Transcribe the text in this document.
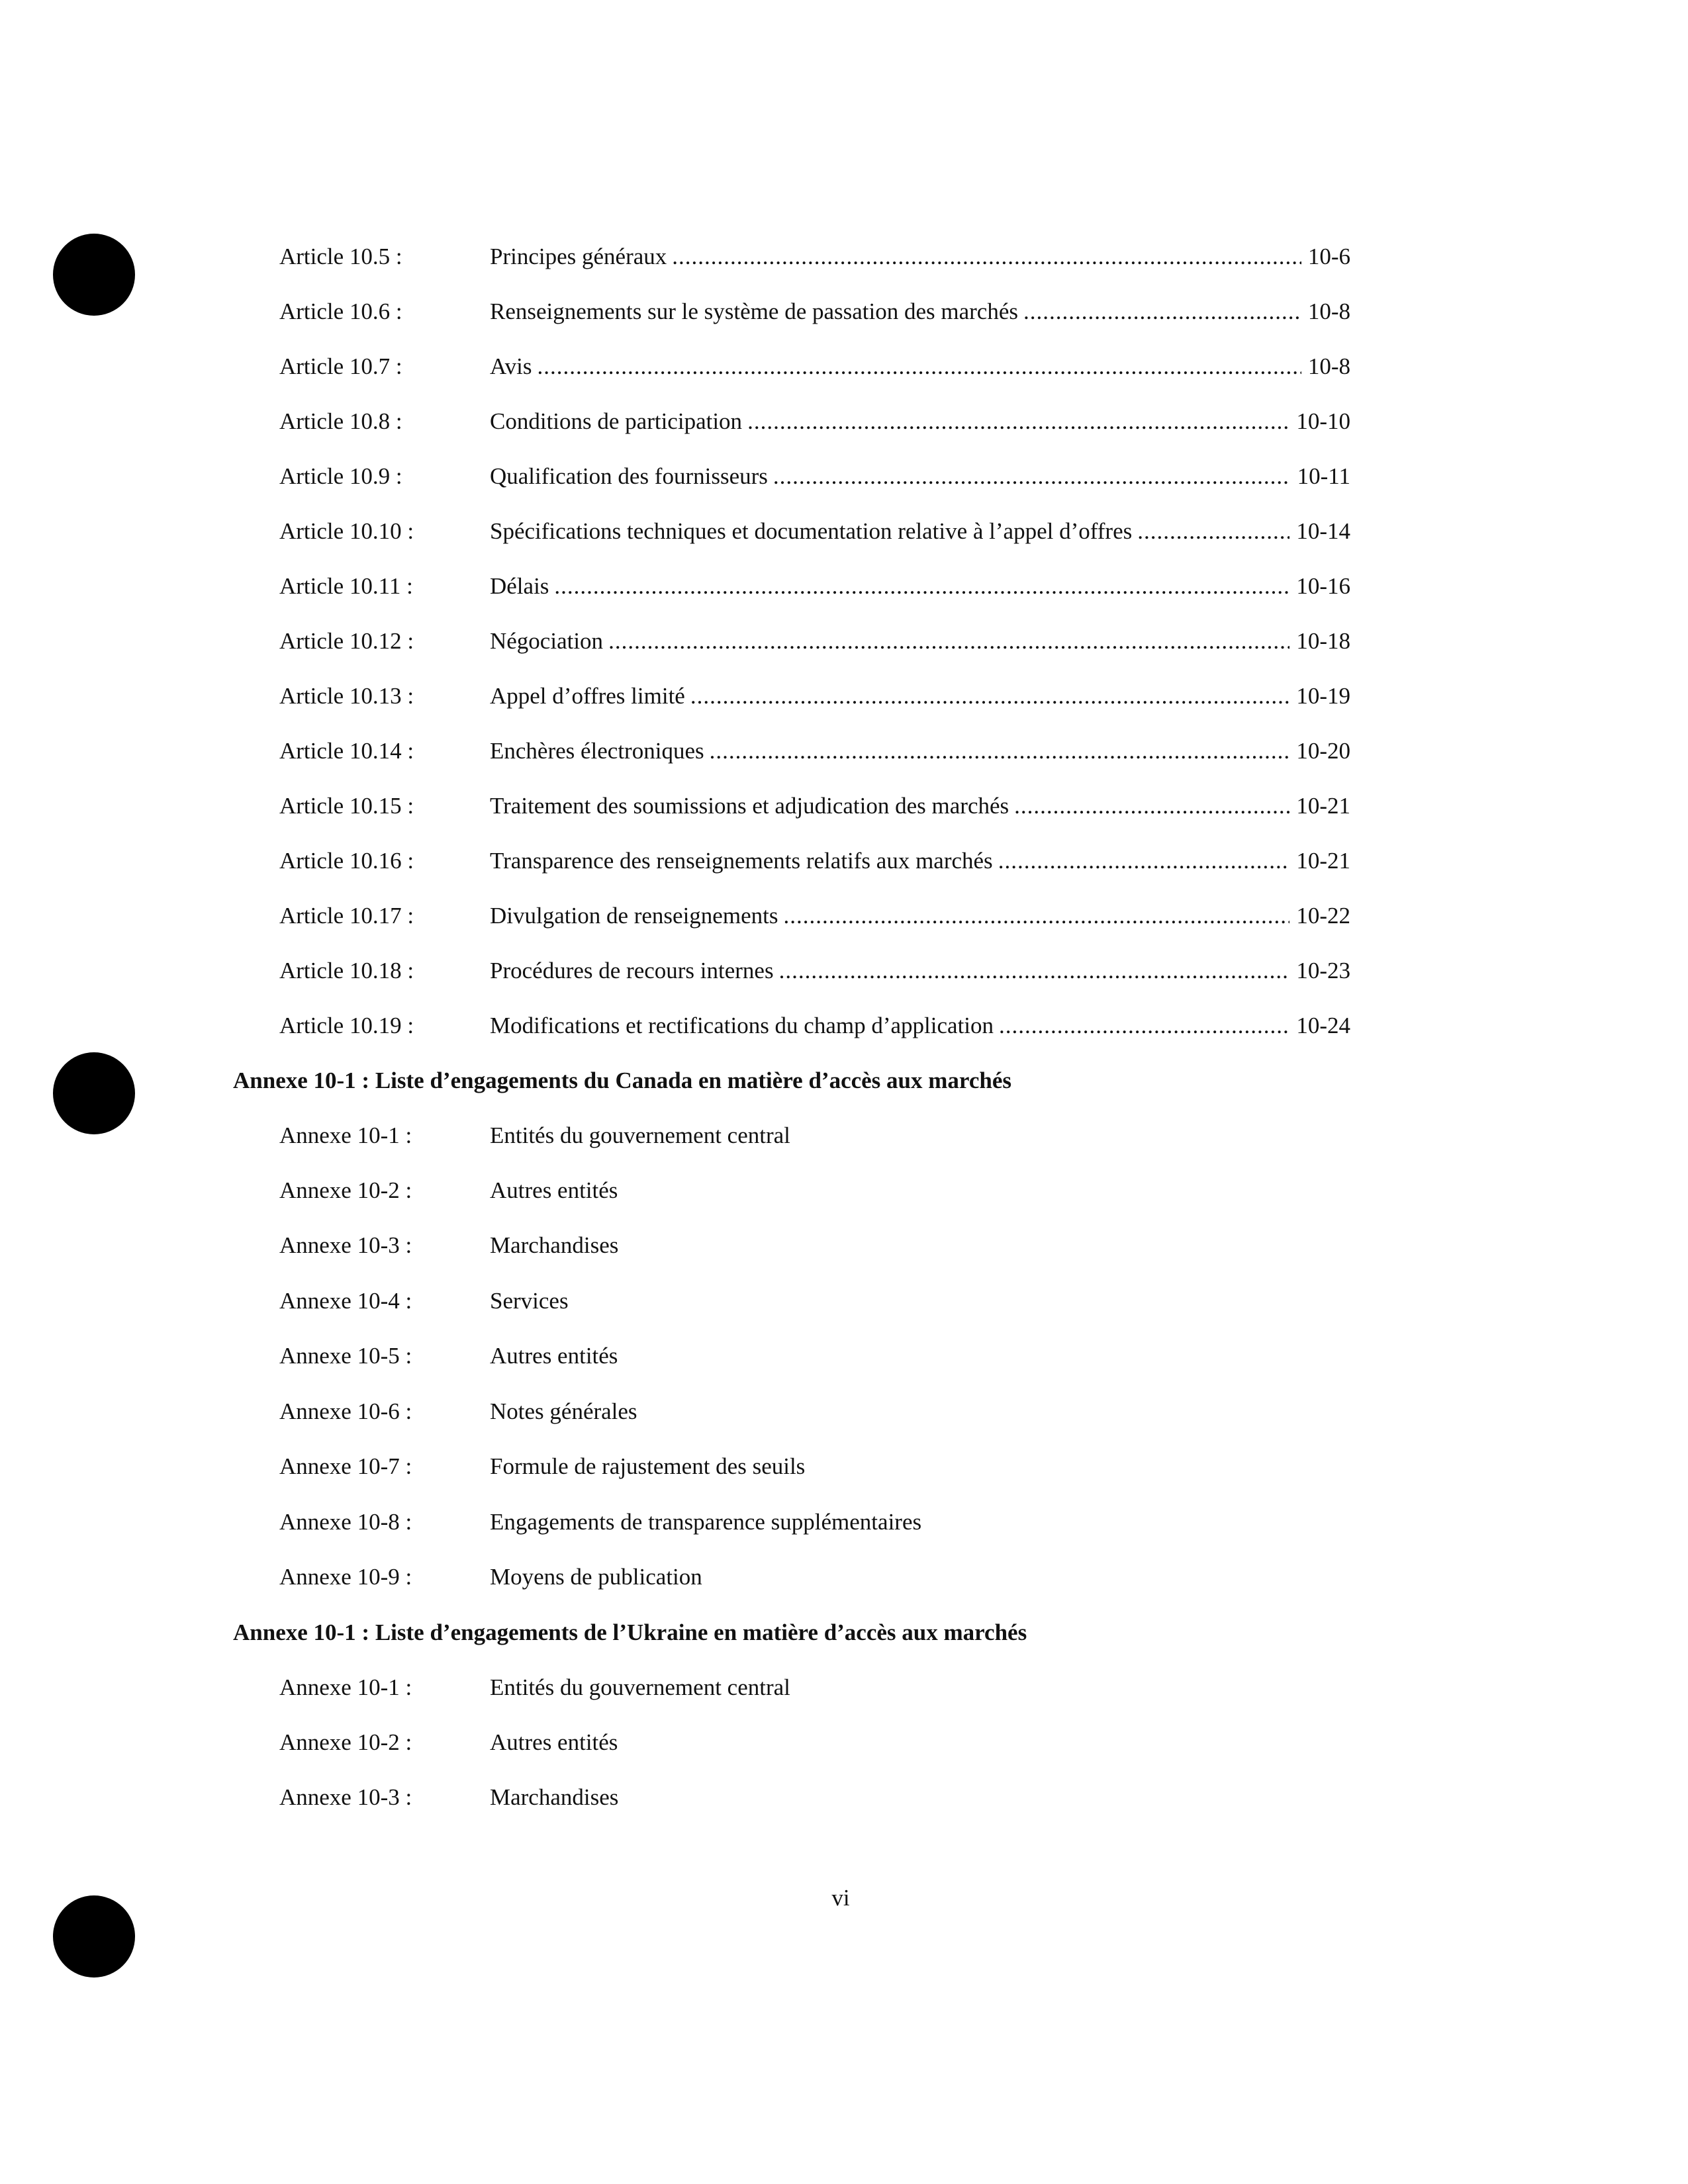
Article 10.5 :	Principes généraux .....	10-6
Article 10.6 :	Renseignements sur le système de passation des marchés .....	10-8
Article 10.7 :	Avis .....	10-8
Article 10.8 :	Conditions de participation .....	10-10
Article 10.9 :	Qualification des fournisseurs .....	10-11
Article 10.10 :	Spécifications techniques et documentation relative à l’appel d’offres .....	10-14
Article 10.11 :	Délais .....	10-16
Article 10.12 :	Négociation .....	10-18
Article 10.13 :	Appel d’offres limité .....	10-19
Article 10.14 :	Enchères électroniques .....	10-20
Article 10.15 :	Traitement des soumissions et adjudication des marchés .....	10-21
Article 10.16 :	Transparence des renseignements relatifs aux marchés .....	10-21
Article 10.17 :	Divulgation de renseignements .....	10-22
Article 10.18 :	Procédures de recours internes .....	10-23
Article 10.19 :	Modifications et rectifications du champ d’application .....	10-24
Annexe 10-1 : Liste d’engagements du Canada en matière d’accès aux marchés
Annexe 10-1 :	Entités du gouvernement central
Annexe 10-2 :	Autres entités
Annexe 10-3 :	Marchandises
Annexe 10-4 :	Services
Annexe 10-5 :	Autres entités
Annexe 10-6 :	Notes générales
Annexe 10-7 :	Formule de rajustement des seuils
Annexe 10-8 :	Engagements de transparence supplémentaires
Annexe 10-9 :	Moyens de publication
Annexe 10-1 : Liste d’engagements de l’Ukraine en matière d’accès aux marchés
Annexe 10-1 :	Entités du gouvernement central
Annexe 10-2 :	Autres entités
Annexe 10-3 :	Marchandises
vi
